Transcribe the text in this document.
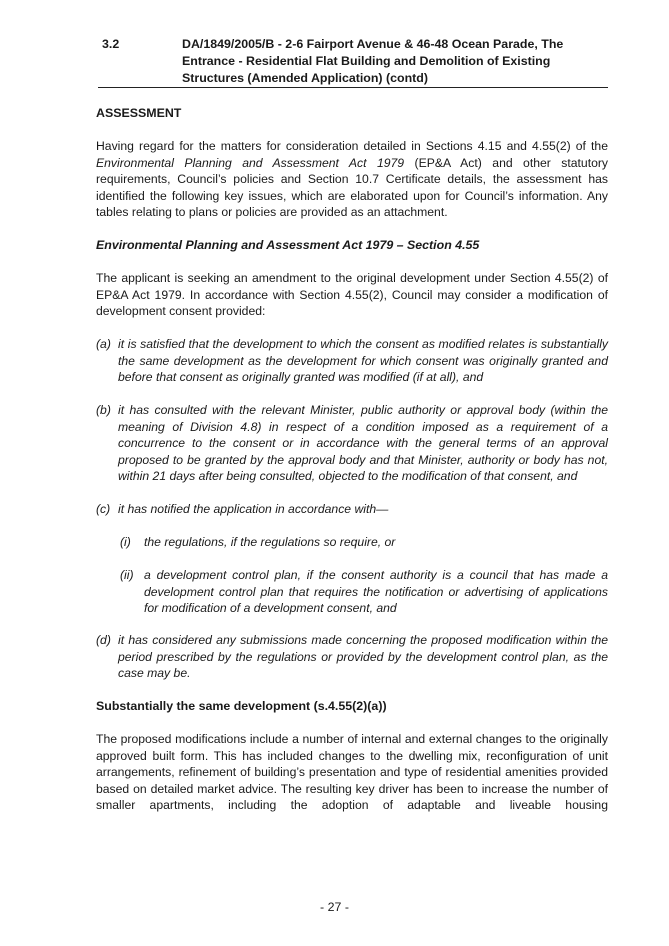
3.2	DA/1849/2005/B - 2-6 Fairport Avenue & 46-48 Ocean Parade, The Entrance - Residential Flat Building and Demolition of Existing Structures (Amended Application) (contd)
ASSESSMENT
Having regard for the matters for consideration detailed in Sections 4.15 and 4.55(2) of the Environmental Planning and Assessment Act 1979 (EP&A Act) and other statutory requirements, Council’s policies and Section 10.7 Certificate details, the assessment has identified the following key issues, which are elaborated upon for Council’s information. Any tables relating to plans or policies are provided as an attachment.
Environmental Planning and Assessment Act 1979 – Section 4.55
The applicant is seeking an amendment to the original development under Section 4.55(2) of EP&A Act 1979. In accordance with Section 4.55(2), Council may consider a modification of development consent provided:
(a) it is satisfied that the development to which the consent as modified relates is substantially the same development as the development for which consent was originally granted and before that consent as originally granted was modified (if at all), and
(b) it has consulted with the relevant Minister, public authority or approval body (within the meaning of Division 4.8) in respect of a condition imposed as a requirement of a concurrence to the consent or in accordance with the general terms of an approval proposed to be granted by the approval body and that Minister, authority or body has not, within 21 days after being consulted, objected to the modification of that consent, and
(c) it has notified the application in accordance with—
(i) the regulations, if the regulations so require, or
(ii) a development control plan, if the consent authority is a council that has made a development control plan that requires the notification or advertising of applications for modification of a development consent, and
(d) it has considered any submissions made concerning the proposed modification within the period prescribed by the regulations or provided by the development control plan, as the case may be.
Substantially the same development (s.4.55(2)(a))
The proposed modifications include a number of internal and external changes to the originally approved built form. This has included changes to the dwelling mix, reconfiguration of unit arrangements, refinement of building’s presentation and type of residential amenities provided based on detailed market advice. The resulting key driver has been to increase the number of smaller apartments, including the adoption of adaptable and liveable housing
- 27 -
